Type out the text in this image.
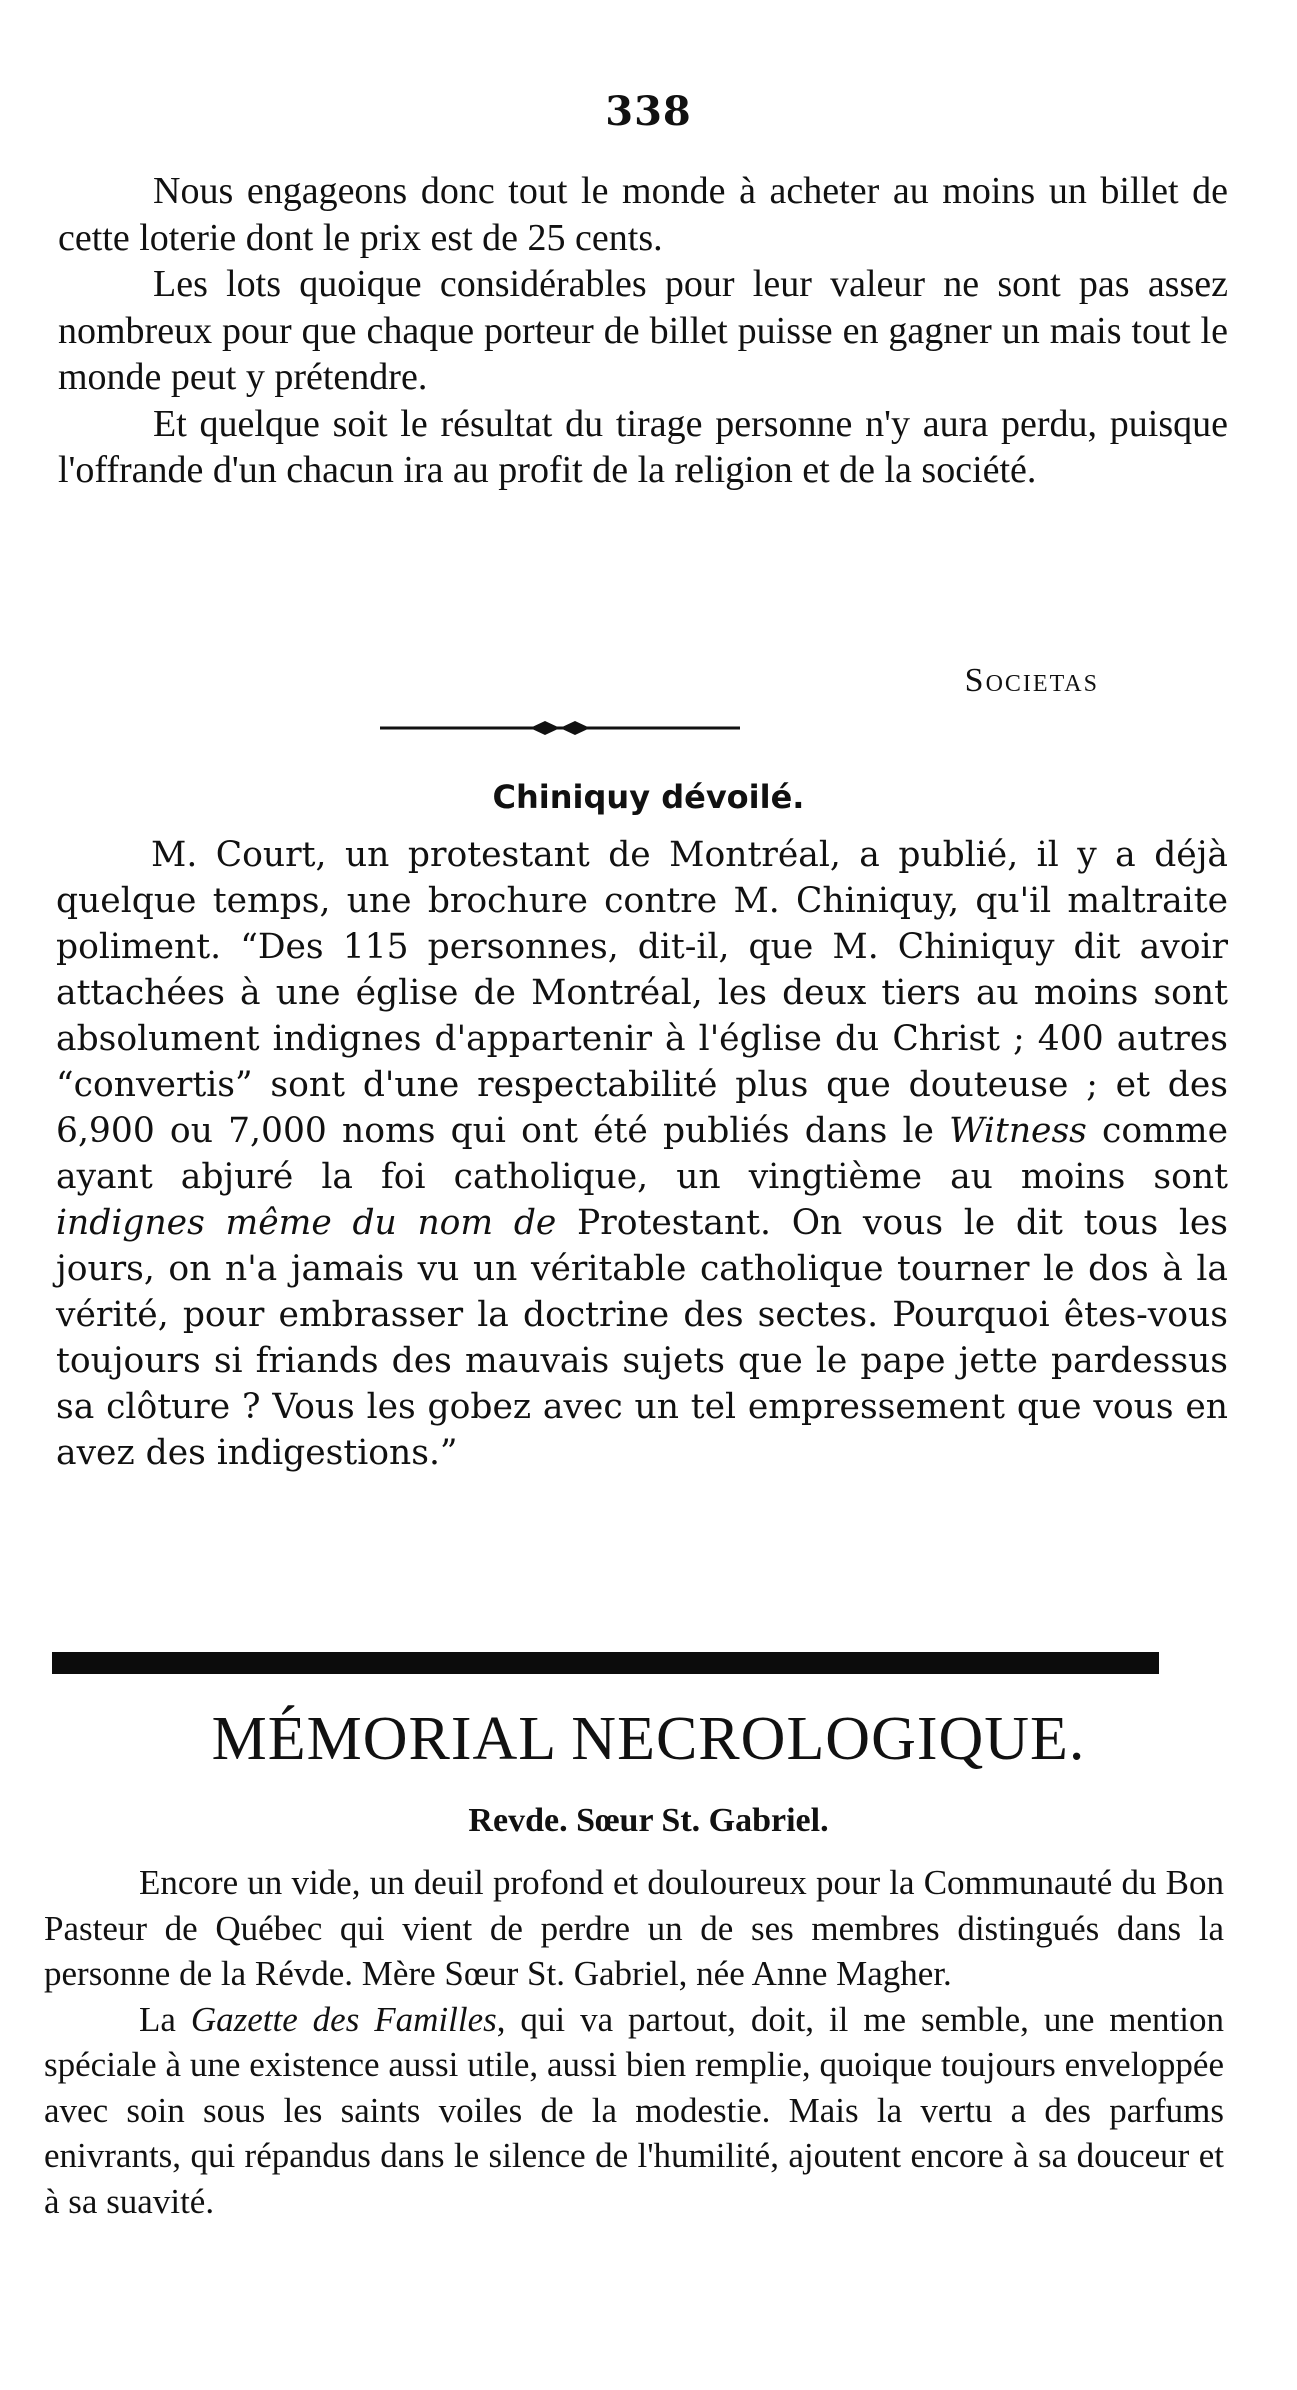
338

Nous engageons donc tout le monde à acheter au moins un billet de cette loterie dont le prix est de 25 cents.

Les lots quoique considérables pour leur valeur ne sont pas assez nombreux pour que chaque porteur de billet puisse en gagner un mais tout le monde peut y prétendre.

Et quelque soit le résultat du tirage personne n'y aura perdu, puisque l'offrande d'un chacun ira au profit de la religion et de la société.

Societas
Chiniquy dévoilé.

M. Court, un protestant de Montréal, a publié, il y a déjà quelque temps, une brochure contre M. Chiniquy, qu'il maltraite poliment. “Des 115 personnes, dit-il, que M. Chiniquy dit avoir attachées à une église de Montréal, les deux tiers au moins sont absolument indignes d'appartenir à l'église du Christ ; 400 autres “convertis” sont d'une respectabilité plus que douteuse ; et des 6,900 ou 7,000 noms qui ont été publiés dans le Witness comme ayant abjuré la foi catholique, un vingtième au moins sont indignes même du nom de Protestant. On vous le dit tous les jours, on n'a jamais vu un véritable catholique tourner le dos à la vérité, pour embrasser la doctrine des sectes. Pourquoi êtes-vous toujours si friands des mauvais sujets que le pape jette pardessus sa clôture ? Vous les gobez avec un tel empressement que vous en avez des indigestions.”

MÉMORIAL NECROLOGIQUE.
Revde. Sœur St. Gabriel.

Encore un vide, un deuil profond et douloureux pour la Communauté du Bon Pasteur de Québec qui vient de perdre un de ses membres distingués dans la personne de la Révde. Mère Sœur St. Gabriel, née Anne Magher.

La Gazette des Familles, qui va partout, doit, il me semble, une mention spéciale à une existence aussi utile, aussi bien remplie, quoique toujours enveloppée avec soin sous les saints voiles de la modestie. Mais la vertu a des parfums enivrants, qui répandus dans le silence de l'humilité, ajoutent encore à sa douceur et à sa suavité.
